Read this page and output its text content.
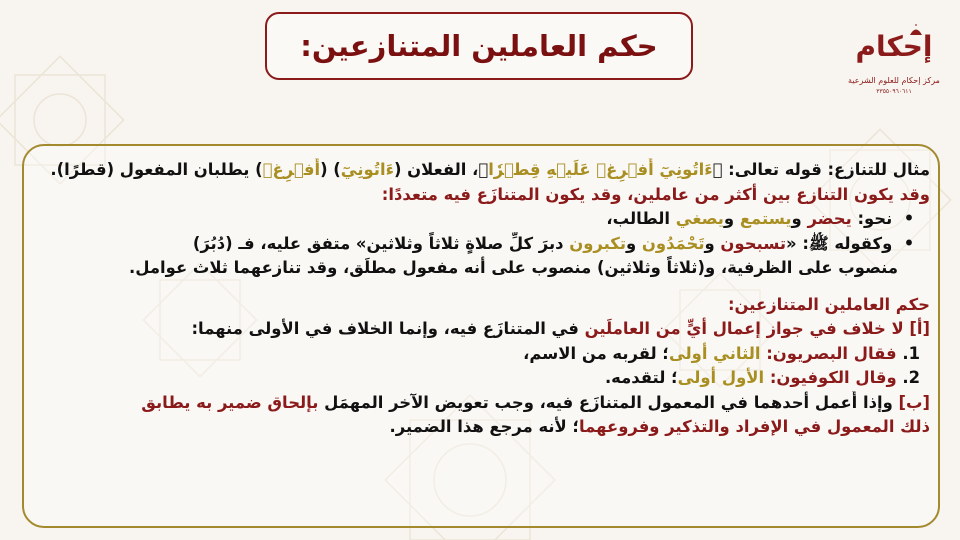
حكم العاملين المتنازعين:	إحكام
مركز إحكام للعلوم الشرعية
٣٣٥٥٠٩٦٠٦١١
مثال للتنازع: قوله تعالى: ﴿ءَاتُونِيٓ أُفۡرِغۡ عَلَيۡهِ قِطۡرٗا﴾، الفعلان (ءَاتُونِيٓ) (أُفۡرِغۡ) يطلبان المفعول (قطرًا).
وقد يكون التنازع بين أكثر من عاملين، وقد يكون المتنازَع فيه متعددًا:
• نحو: يحضر ويستمع ويصغي الطالب،
• وكقوله ﷺ: «تسبحون وتَحْمَدُون وتكبرون دبرَ كلِّ صلاةٍ ثلاثاً وثلاثين» متفق عليه، فـ (دُبُرَ)
منصوب على الظرفية، و(ثلاثاً وثلاثين) منصوب على أنه مفعول مطلَق، وقد تنازعهما ثلاث عوامل.
حكم العاملين المتنازعين:
[أ] لا خلاف في جواز إعمال أيٍّ من العاملَين في المتنازَع فيه، وإنما الخلاف في الأولى منهما:
1. فقال البصريون: الثاني أولى؛ لقربه من الاسم،
2. وقال الكوفيون: الأول أولى؛ لتقدمه.
[ب] وإذا أُعمل أحدهما في المعمول المتنازَع فيه، وجب تعويض الآخر المهمَل بإلحاق ضمير به يطابق
ذلك المعمول في الإفراد والتذكير وفروعهما؛ لأنه مرجع هذا الضمير.
